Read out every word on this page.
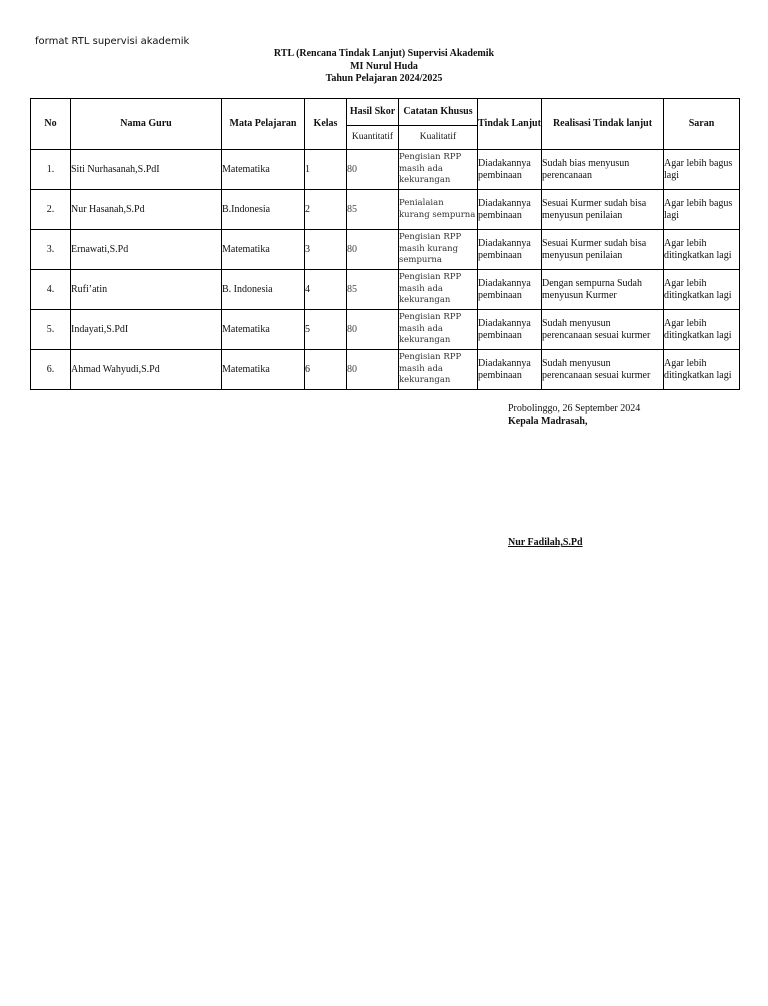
format RTL supervisi akademik
RTL (Rencana Tindak Lanjut) Supervisi Akademik
MI Nurul Huda
Tahun Pelajaran 2024/2025
No	Nama Guru	Mata Pelajaran	Kelas	Hasil Skor	Catatan Khusus	Tindak Lanjut	Realisasi Tindak lanjut	Saran
				Kuantitatif	Kualitatif			
1.	Siti Nurhasanah,S.PdI	Matematika	1	80	Pengisian RPP masih ada kekurangan	Diadakannya pembinaan	Sudah bias menyusun perencanaan	Agar lebih bagus lagi
2.	Nur Hasanah,S.Pd	B.Indonesia	2	85	Penialaian kurang sempurna	Diadakannya pembinaan	Sesuai Kurmer sudah bisa menyusun penilaian	Agar lebih bagus lagi
3.	Ernawati,S.Pd	Matematika	3	80	Pengisian RPP masih kurang sempurna	Diadakannya pembinaan	Sesuai Kurmer sudah bisa menyusun penilaian	Agar lebih ditingkatkan lagi
4.	Rufi’atin	B. Indonesia	4	85	Pengisian RPP masih ada kekurangan	Diadakannya pembinaan	Dengan sempurna Sudah menyusun Kurmer	Agar lebih ditingkatkan lagi
5.	Indayati,S.PdI	Matematika	5	80	Pengisian RPP masih ada kekurangan	Diadakannya pembinaan	Sudah menyusun perencanaan sesuai kurmer	Agar lebih ditingkatkan lagi
6.	Ahmad Wahyudi,S.Pd	Matematika	6	80	Pengisian RPP masih ada kekurangan	Diadakannya pembinaan	Sudah menyusun perencanaan sesuai kurmer	Agar lebih ditingkatkan lagi
Probolinggo, 26 September 2024
Kepala Madrasah,
Nur Fadilah,S.Pd
